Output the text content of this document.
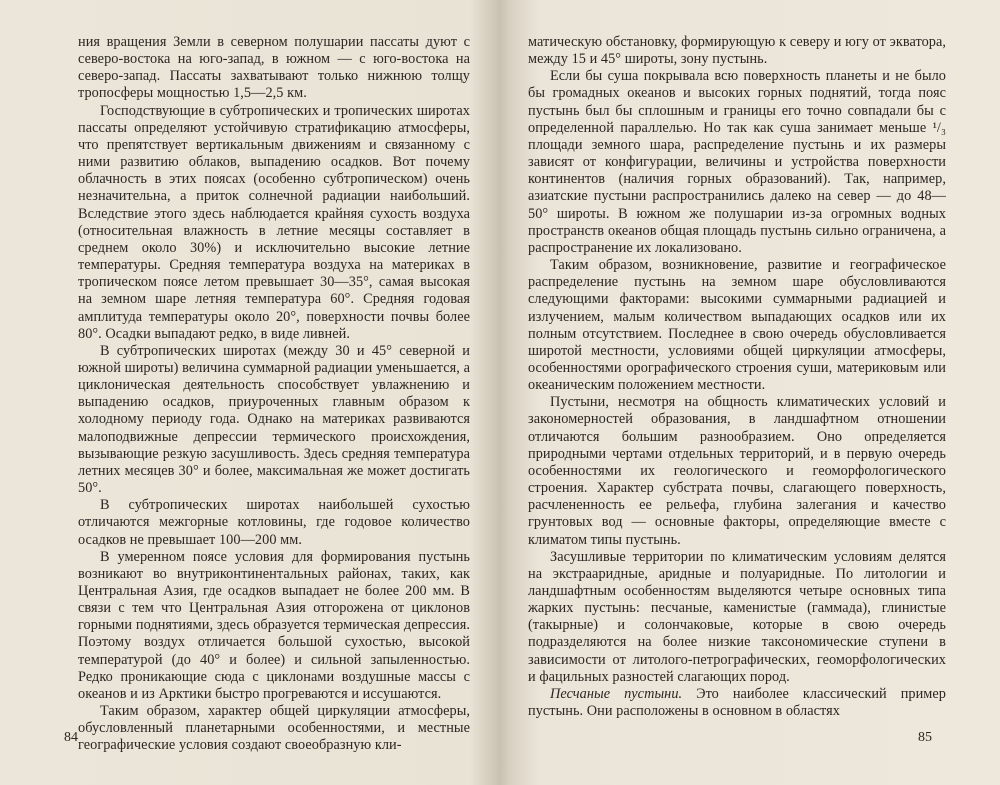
ния вращения Земли в северном полушарии пассаты дуют с северо-востока на юго-запад, в южном — с юго-востока на северо-запад. Пассаты захватывают только нижнюю толщу тропосферы мощностью 1,5—2,5 км.

Господствующие в субтропических и тропических широтах пассаты определяют устойчивую стратификацию атмосферы, что препятствует вертикальным движениям и связанному с ними развитию облаков, выпадению осадков. Вот почему облачность в этих поясах (особенно субтропическом) очень незначительна, а приток солнечной радиации наибольший. Вследствие этого здесь наблюдается крайняя сухость воздуха (относительная влажность в летние месяцы составляет в среднем около 30%) и исключительно высокие летние температуры. Средняя температура воздуха на материках в тропическом поясе летом превышает 30—35°, самая высокая на земном шаре летняя температура 60°. Средняя годовая амплитуда температуры около 20°, поверхности почвы более 80°. Осадки выпадают редко, в виде ливней.

В субтропических широтах (между 30 и 45° северной и южной широты) величина суммарной радиации уменьшается, а циклоническая деятельность способствует увлажнению и выпадению осадков, приуроченных главным образом к холодному периоду года. Однако на материках развиваются малоподвижные депрессии термического происхождения, вызывающие резкую засушливость. Здесь средняя температура летних месяцев 30° и более, максимальная же может достигать 50°.

В субтропических широтах наибольшей сухостью отличаются межгорные котловины, где годовое количество осадков не превышает 100—200 мм.

В умеренном поясе условия для формирования пустынь возникают во внутриконтинентальных районах, таких, как Центральная Азия, где осадков выпадает не более 200 мм. В связи с тем что Центральная Азия отгорожена от циклонов горными поднятиями, здесь образуется термическая депрессия. Поэтому воздух отличается большой сухостью, высокой температурой (до 40° и более) и сильной запыленностью. Редко проникающие сюда с циклонами воздушные массы с океанов и из Арктики быстро прогреваются и иссушаются.

Таким образом, характер общей циркуляции атмосферы, обусловленный планетарными особенностями, и местные географические условия создают своеобразную кли-

84

матическую обстановку, формирующую к северу и югу от экватора, между 15 и 45° широты, зону пустынь.

Если бы суша покрывала всю поверхность планеты и не было бы громадных океанов и высоких горных поднятий, тогда пояс пустынь был бы сплошным и границы его точно совпадали бы с определенной параллелью. Но так как суша занимает меньше ¹/₃ площади земного шара, распределение пустынь и их размеры зависят от конфигурации, величины и устройства поверхности континентов (наличия горных образований). Так, например, азиатские пустыни распространились далеко на север — до 48—50° широты. В южном же полушарии из-за огромных водных пространств океанов общая площадь пустынь сильно ограничена, а распространение их локализовано.

Таким образом, возникновение, развитие и географическое распределение пустынь на земном шаре обусловливаются следующими факторами: высокими суммарными радиацией и излучением, малым количеством выпадающих осадков или их полным отсутствием. Последнее в свою очередь обусловливается широтой местности, условиями общей циркуляции атмосферы, особенностями орографического строения суши, материковым или океаническим положением местности.

Пустыни, несмотря на общность климатических условий и закономерностей образования, в ландшафтном отношении отличаются большим разнообразием. Оно определяется природными чертами отдельных территорий, и в первую очередь особенностями их геологического и геоморфологического строения. Характер субстрата почвы, слагающего поверхность, расчлененность ее рельефа, глубина залегания и качество грунтовых вод — основные факторы, определяющие вместе с климатом типы пустынь.

Засушливые территории по климатическим условиям делятся на экстрааридные, аридные и полуаридные. По литологии и ландшафтным особенностям выделяются четыре основных типа жарких пустынь: песчаные, каменистые (гаммада), глинистые (такырные) и солончаковые, которые в свою очередь подразделяются на более низкие таксономические ступени в зависимости от литолого-петрографических, геоморфологических и фацильных разностей слагающих пород.

Песчаные пустыни. Это наиболее классический пример пустынь. Они расположены в основном в областях

85
